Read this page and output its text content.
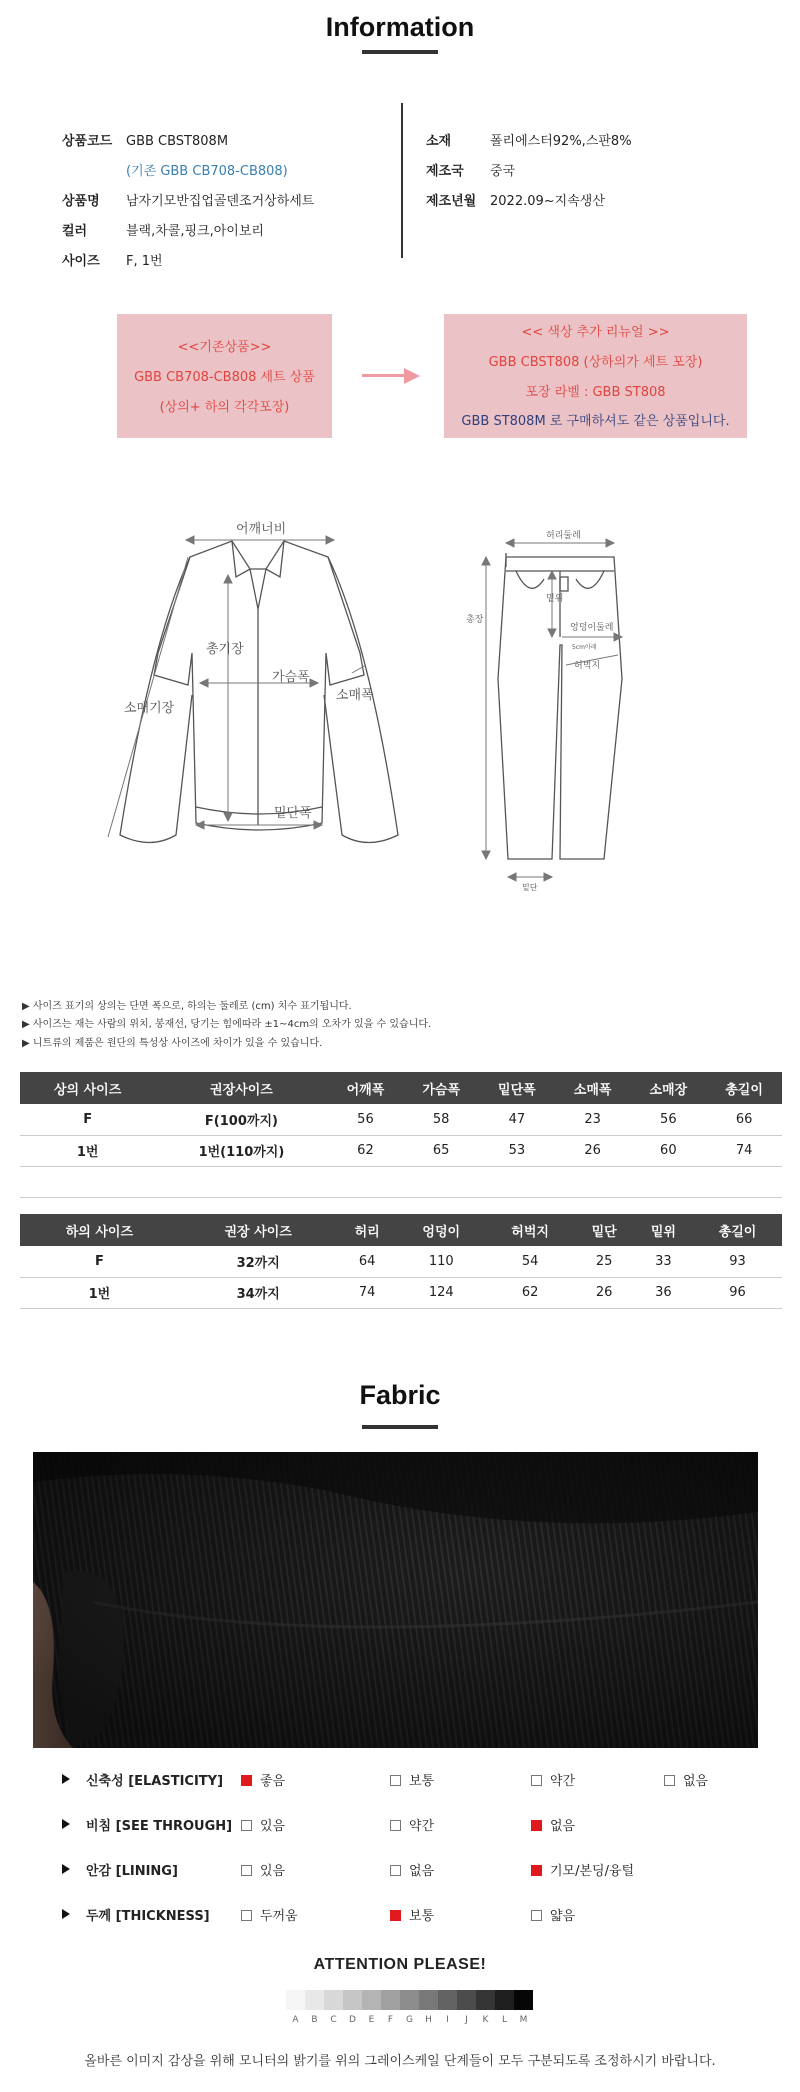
Information
상품코드 GBB CBST808M
(기존 GBB CB708-CB808)
상품명 남자기모반집업골덴조거상하세트
컬러	블랙,차콜,핑크,아이보리
사이즈 F, 1번
소재	폴리에스터92%,스판8%
제조국 중국
제조년월 2022.09~지속생산
<<기존상품>>
GBB CB708-CB808 세트 상품
(상의+ 하의 각각포장)
<< 색상 추가 리뉴얼 >>
GBB CBST808 (상하의가 세트 포장)
포장 라벨 : GBB ST808
GBB ST808M 로 구매하셔도 같은 상품입니다.
어깨너비
총기장
가슴폭
소매폭
소매기장
밑단폭
허리둘레
총장
밑위
엉덩이둘레
5cm아래
허벅지
밑단
▶ 사이즈 표기의 상의는 단면 폭으로, 하의는 둘레로 (cm) 치수 표기됩니다.
▶ 사이즈는 재는 사람의 위치, 봉재선, 당기는 힘에따라 ±1~4cm의 오차가 있을 수 있습니다.
▶ 니트류의 제품은 원단의 특성상 사이즈에 차이가 있을 수 있습니다.
상의 사이즈	권장사이즈	어깨폭	가슴폭	밑단폭	소매폭	소매장	총길이
F	F(100까지)	56	58	47	23	56	66
1번	1번(110까지)	62	65	53	26	60	74

하의 사이즈	권장 사이즈	허리	엉덩이	허벅지	밑단	밑위	총길이
F	32까지	64	110	54	25	33	93
1번	34까지	74	124	62	26	36	96
Fabric
신축성 [ELASTICITY]	좋음	보통	약간	없음
비침 [SEE THROUGH]	있음	약간	없음
안감 [LINING]	있음	없음	기모/본딩/융털
두께 [THICKNESS]	두꺼움	보통	얇음
ATTENTION PLEASE!
A	B	C	D	E	F	G	H	I	J	K	L	M
올바른 이미지 감상을 위해 모니터의 밝기를 위의 그레이스케일 단계들이 모두 구분되도록 조정하시기 바랍니다.
